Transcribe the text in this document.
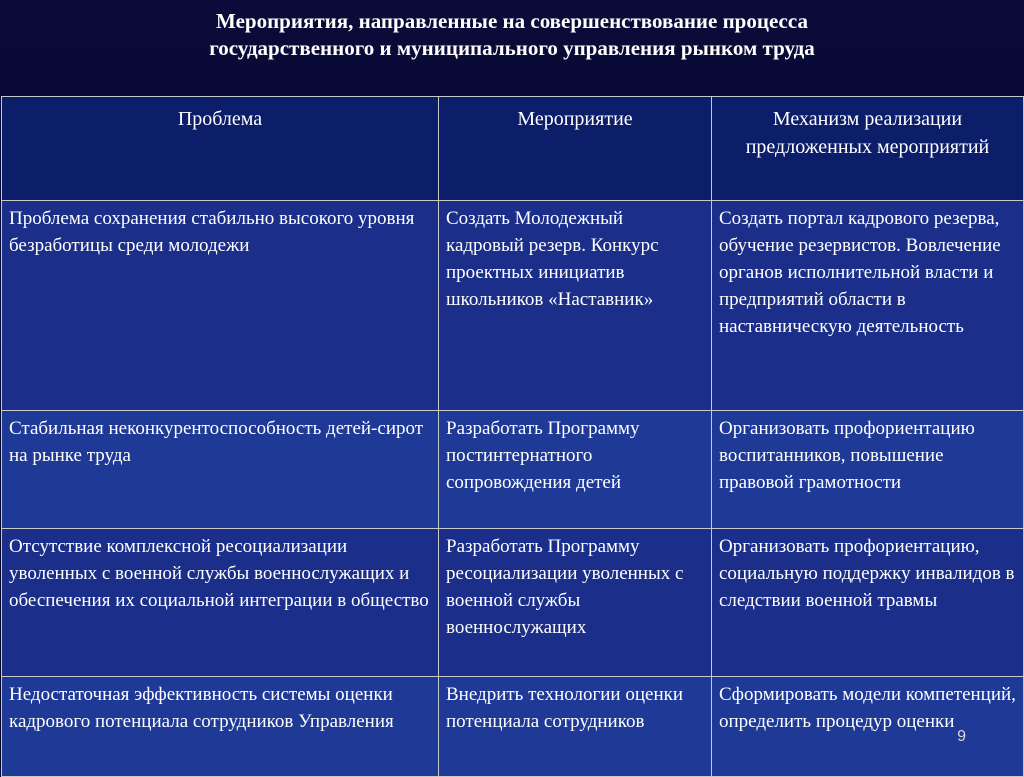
Мероприятия, направленные на совершенствование процесса
государственного и муниципального управления рынком труда
Проблема	Мероприятие	Механизм реализации предложенных мероприятий
Проблема сохранения стабильно высокого уровня безработицы среди молодежи	Создать Молодежный кадровый резерв. Конкурс проектных инициатив школьников «Наставник»	Создать портал кадрового резерва, обучение резервистов. Вовлечение органов исполнительной власти и предприятий области в наставническую деятельность
Стабильная неконкурентоспособность детей-сирот на рынке труда	Разработать Программу постинтернатного сопровождения детей	Организовать профориентацию воспитанников, повышение правовой грамотности
Отсутствие комплексной ресоциализации уволенных с военной службы военнослужащих и обеспечения их социальной интеграции в общество	Разработать Программу ресоциализации уволенных с военной службы военнослужащих	Организовать профориентацию, социальную поддержку инвалидов в следствии военной травмы
Недостаточная эффективность системы оценки кадрового потенциала сотрудников Управления	Внедрить технологии оценки потенциала сотрудников	Сформировать модели компетенций, определить процедур оценки
9
